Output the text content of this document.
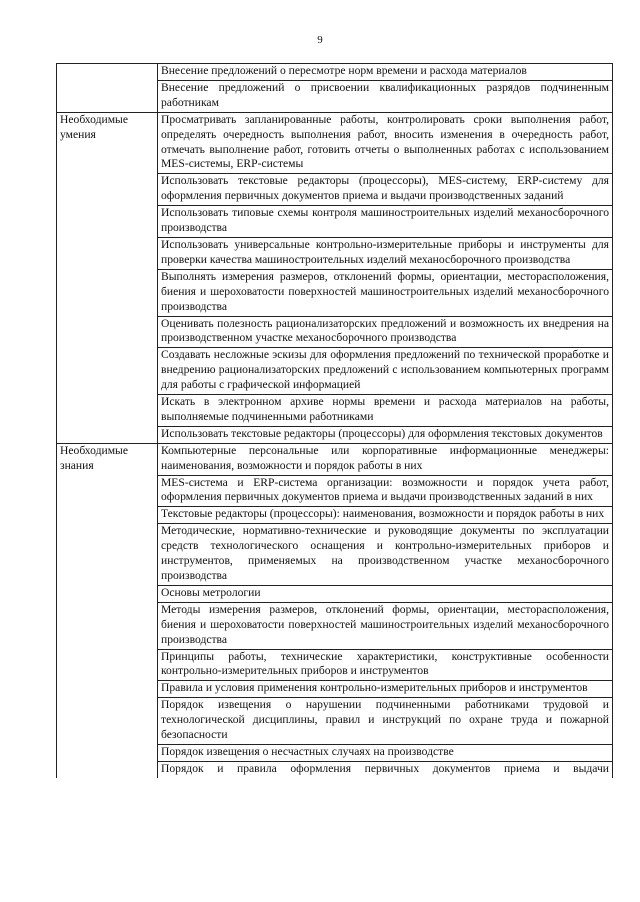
9
	Внесение предложений о пересмотре норм времени и расхода материалов
	Внесение предложений о присвоении квалификационных разрядов подчиненным работникам
Необходимые умения	Просматривать запланированные работы, контролировать сроки выполнения работ, определять очередность выполнения работ, вносить изменения в очередность работ, отмечать выполнение работ, готовить отчеты о выполненных работах с использованием MES-системы, ERP-системы
	Использовать текстовые редакторы (процессоры), MES-систему, ERP-систему для оформления первичных документов приема и выдачи производственных заданий
	Использовать типовые схемы контроля машиностроительных изделий механосборочного производства
	Использовать универсальные контрольно-измерительные приборы и инструменты для проверки качества машиностроительных изделий механосборочного производства
	Выполнять измерения размеров, отклонений формы, ориентации, месторасположения, биения и шероховатости поверхностей машиностроительных изделий механосборочного производства
	Оценивать полезность рационализаторских предложений и возможность их внедрения на производственном участке механосборочного производства
	Создавать несложные эскизы для оформления предложений по технической проработке и внедрению рационализаторских предложений с использованием компьютерных программ для работы с графической информацией
	Искать в электронном архиве нормы времени и расхода материалов на работы, выполняемые подчиненными работниками
	Использовать текстовые редакторы (процессоры) для оформления текстовых документов
Необходимые знания	Компьютерные персональные или корпоративные информационные менеджеры: наименования, возможности и порядок работы в них
	MES-система и ERP-система организации: возможности и порядок учета работ, оформления первичных документов приема и выдачи производственных заданий в них
	Текстовые редакторы (процессоры): наименования, возможности и порядок работы в них
	Методические, нормативно-технические и руководящие документы по эксплуатации средств технологического оснащения и контрольно-измерительных приборов и инструментов, применяемых на производственном участке механосборочного производства
	Основы метрологии
	Методы измерения размеров, отклонений формы, ориентации, месторасположения, биения и шероховатости поверхностей машиностроительных изделий механосборочного производства
	Принципы работы, технические характеристики, конструктивные особенности контрольно-измерительных приборов и инструментов
	Правила и условия применения контрольно-измерительных приборов и инструментов
	Порядок извещения о нарушении подчиненными работниками трудовой и технологической дисциплины, правил и инструкций по охране труда и пожарной безопасности
	Порядок извещения о несчастных случаях на производстве
	Порядок и правила оформления первичных документов приема и выдачи
